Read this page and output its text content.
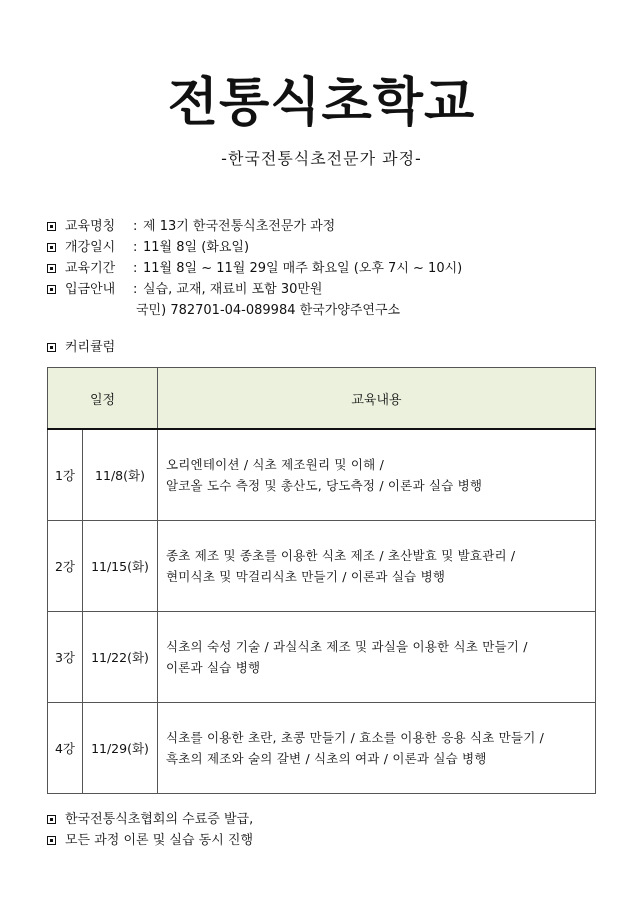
전통식초학교
-한국전통식초전문가 과정-
교육명칭 : 제 13기 한국전통식초전문가 과정
개강일시 : 11월 8일 (화요일)
교육기간 : 11월 8일 ~ 11월 29일 매주 화요일 (오후 7시 ~ 10시)
입금안내 : 실습, 교재, 재료비 포함 30만원
국민) 782701-04-089984 한국가양주연구소
커리큘럼
일정		교육내용
1강	11/8(화)	오리엔테이션 / 식초 제조원리 및 이해 /
알코올 도수 측정 및 총산도, 당도측정 / 이론과 실습 병행

2강	11/15(화)	종초 제조 및 종초를 이용한 식초 제조 / 초산발효 및 발효관리 /
현미식초 및 막걸리식초 만들기 / 이론과 실습 병행

3강	11/22(화)	식초의 숙성 기술 / 과실식초 제조 및 과실을 이용한 식초 만들기 /
이론과 실습 병행

4강	11/29(화)	식초를 이용한 초란, 초콩 만들기 / 효소를 이용한 응용 식초 만들기 /
흑초의 제조와 술의 갈변 / 식초의 여과 / 이론과 실습 병행
한국전통식초협회의 수료증 발급,
모든 과정 이론 및 실습 동시 진행
